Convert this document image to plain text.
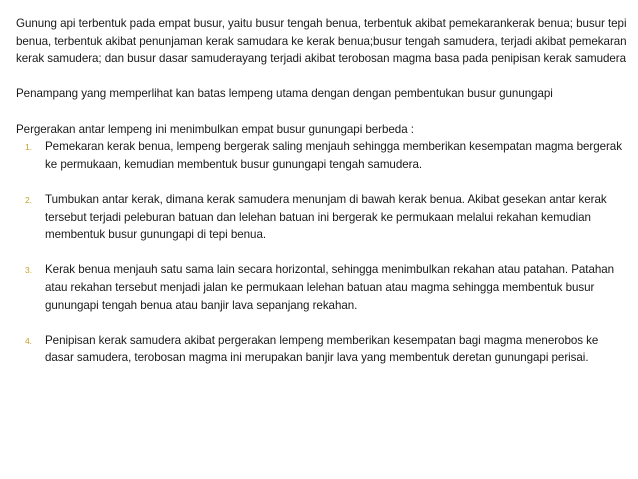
Gunung api terbentuk pada empat busur, yaitu busur tengah benua, terbentuk akibat pemekarankerak benua; busur tepi benua, terbentuk akibat penunjaman kerak samudara ke kerak benua;busur tengah samudera, terjadi akibat pemekaran kerak samudera; dan busur dasar samuderayang terjadi akibat terobosan magma basa pada penipisan kerak samudera

Penampang yang memperlihat kan batas lempeng utama dengan dengan pembentukan busur gunungapi

Pergerakan antar lempeng ini menimbulkan empat busur gunungapi berbeda :

1. Pemekaran kerak benua, lempeng bergerak saling menjauh sehingga memberikan kesempatan magma bergerak ke permukaan, kemudian membentuk busur gunungapi tengah samudera.
2. Tumbukan antar kerak, dimana kerak samudera menunjam di bawah kerak benua. Akibat gesekan antar kerak tersebut terjadi peleburan batuan dan lelehan batuan ini bergerak ke permukaan melalui rekahan kemudian membentuk busur gunungapi di tepi benua.
3. Kerak benua menjauh satu sama lain secara horizontal, sehingga menimbulkan rekahan atau patahan. Patahan atau rekahan tersebut menjadi jalan ke permukaan lelehan batuan atau magma sehingga membentuk busur gunungapi tengah benua atau banjir lava sepanjang rekahan.
4. Penipisan kerak samudera akibat pergerakan lempeng memberikan kesempatan bagi magma menerobos ke dasar samudera, terobosan magma ini merupakan banjir lava yang membentuk deretan gunungapi perisai.
